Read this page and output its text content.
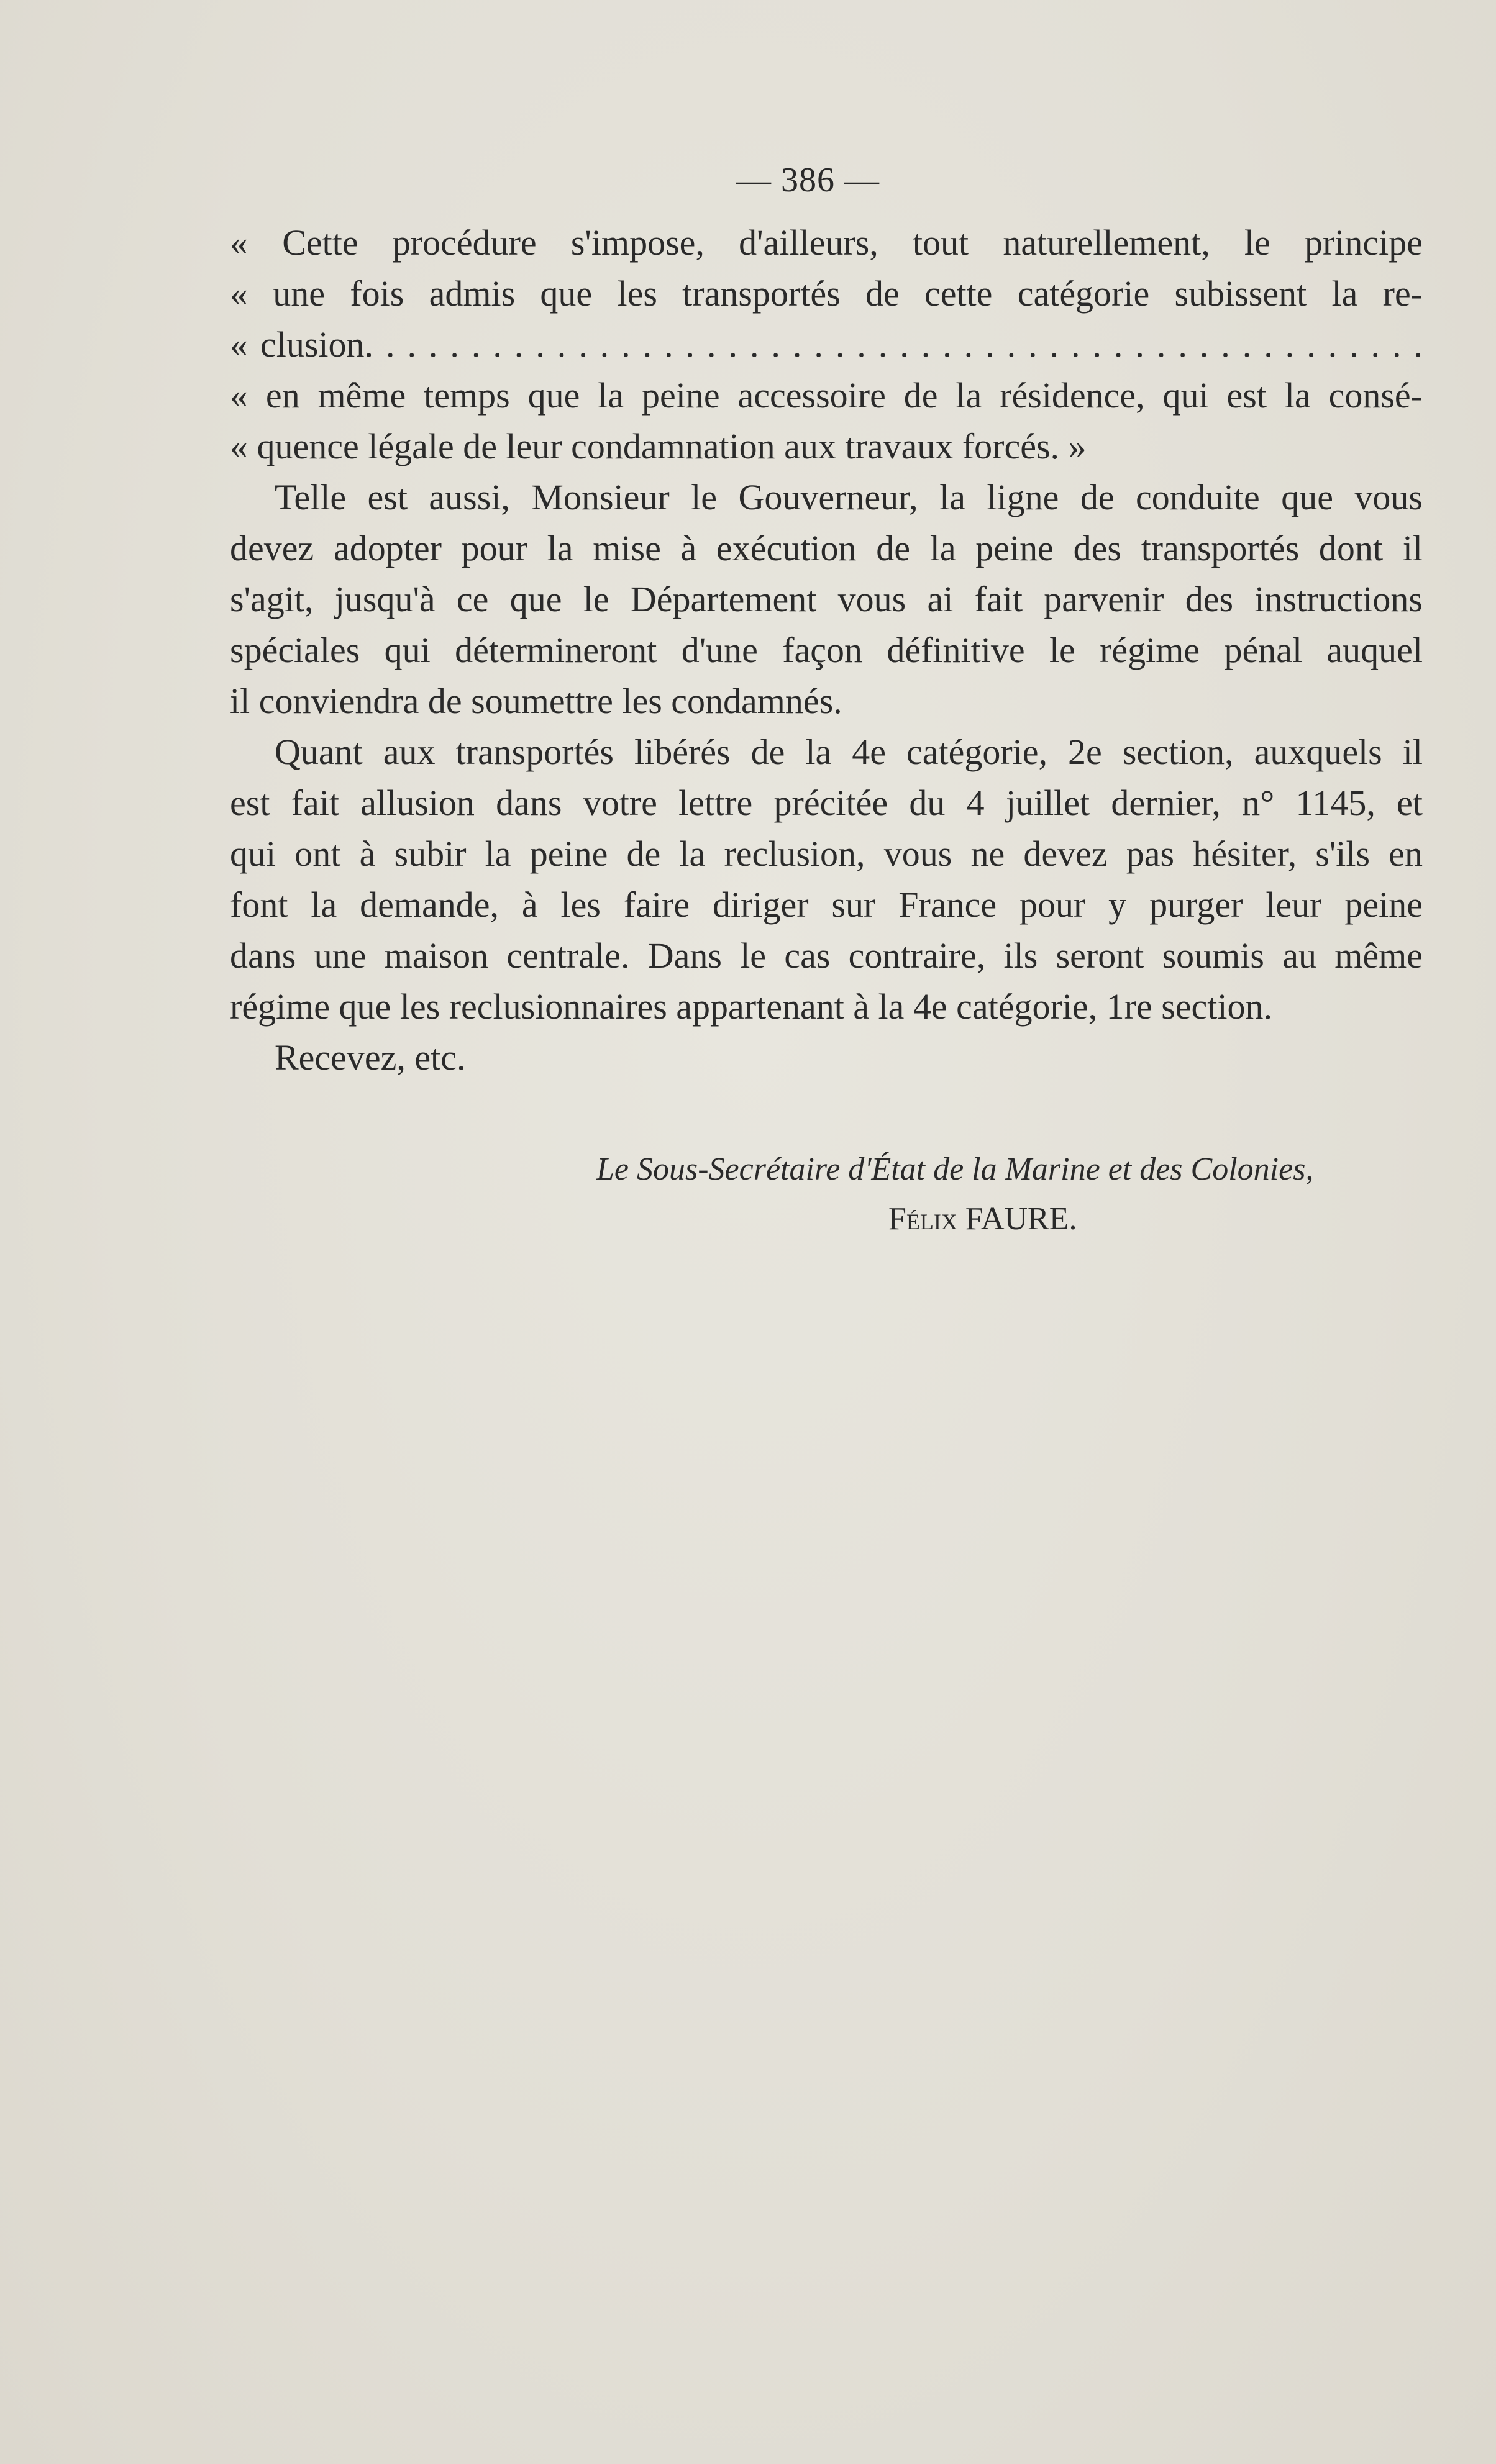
— 386 —
« Cette procédure s'impose, d'ailleurs, tout naturellement, le principe
« une fois admis que les transportés de cette catégorie subissent la re-
« clusion. . . . . . . . . . . . . . . . . . . . . . . . . . . . . . . . . . . . . . . . . . . . . . . . . .
« en même temps que la peine accessoire de la résidence, qui est la consé-
« quence légale de leur condamnation aux travaux forcés. »
Telle est aussi, Monsieur le Gouverneur, la ligne de conduite que vous
devez adopter pour la mise à exécution de la peine des transportés dont il
s'agit, jusqu'à ce que le Département vous ai fait parvenir des instructions
spéciales qui détermineront d'une façon définitive le régime pénal auquel
il conviendra de soumettre les condamnés.
Quant aux transportés libérés de la 4e catégorie, 2e section, auxquels il
est fait allusion dans votre lettre précitée du 4 juillet dernier, n° 1145, et
qui ont à subir la peine de la reclusion, vous ne devez pas hésiter, s'ils en
font la demande, à les faire diriger sur France pour y purger leur peine
dans une maison centrale. Dans le cas contraire, ils seront soumis au même
régime que les reclusionnaires appartenant à la 4e catégorie, 1re section.
Recevez, etc.
Le Sous-Secrétaire d'État de la Marine et des Colonies,
Félix FAURE.
